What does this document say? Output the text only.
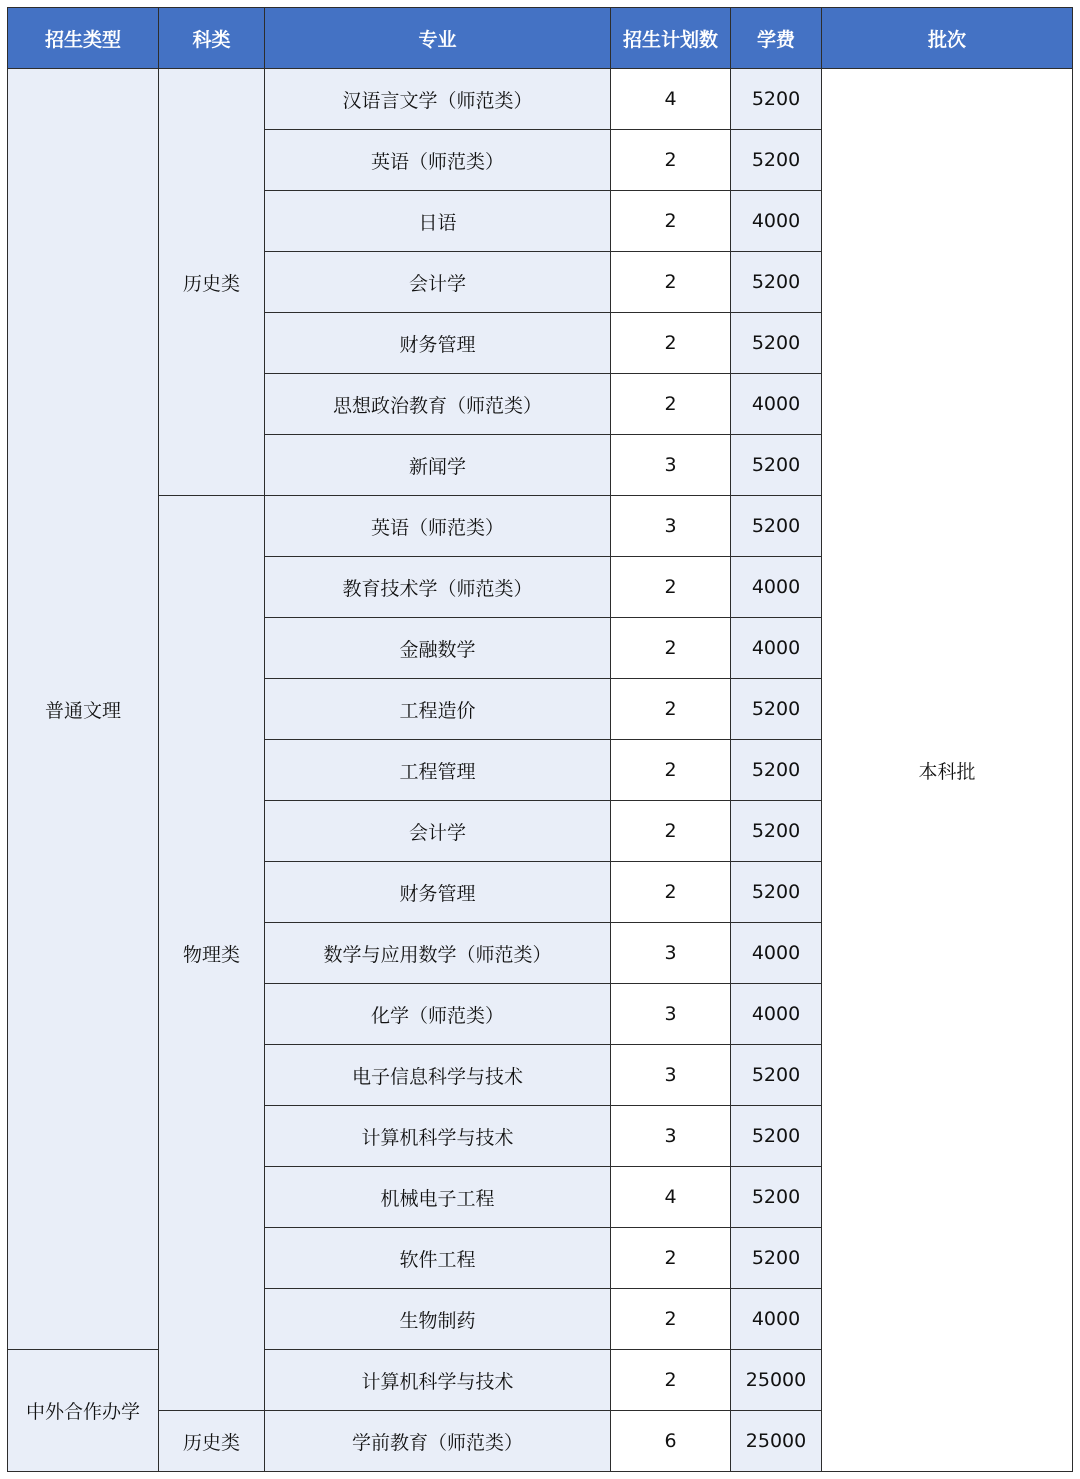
招生类型	科类	专业	招生计划数	学费	批次
普通文理	历史类	汉语言文学（师范类）	4	5200	本科批
		英语（师范类）	2	5200	
		日语	2	4000	
		会计学	2	5200	
		财务管理	2	5200	
		思想政治教育（师范类）	2	4000	
		新闻学	3	5200	
	物理类	英语（师范类）	3	5200	
		教育技术学（师范类）	2	4000	
		金融数学	2	4000	
		工程造价	2	5200	
		工程管理	2	5200	
		会计学	2	5200	
		财务管理	2	5200	
		数学与应用数学（师范类）	3	4000	
		化学（师范类）	3	4000	
		电子信息科学与技术	3	5200	
		计算机科学与技术	3	5200	
		机械电子工程	4	5200	
		软件工程	2	5200	
		生物制药	2	4000	
中外合作办学		计算机科学与技术	2	25000	
	历史类	学前教育（师范类）	6	25000	
